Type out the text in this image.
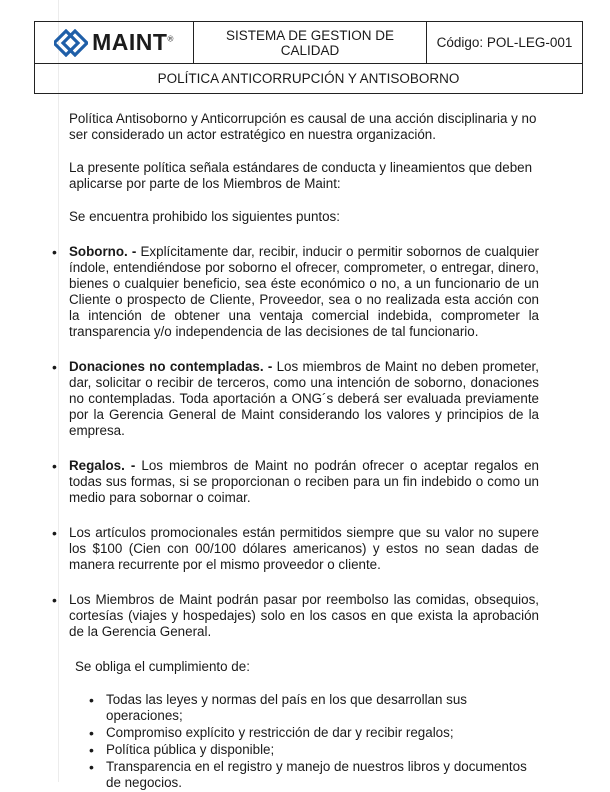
MAINT®	SISTEMA DE GESTION DE CALIDAD	Código: POL-LEG-001
POLÍTICA ANTICORRUPCIÓN Y ANTISOBORNO

Política Antisoborno y Anticorrupción es causal de una acción disciplinaria y no ser considerado un actor estratégico en nuestra organización.

La presente política señala estándares de conducta y lineamientos que deben aplicarse por parte de los Miembros de Maint:

Se encuentra prohibido los siguientes puntos:

• Soborno. - Explícitamente dar, recibir, inducir o permitir sobornos de cualquier índole, entendiéndose por soborno el ofrecer, comprometer, o entregar, dinero, bienes o cualquier beneficio, sea éste económico o no, a un funcionario de un Cliente o prospecto de Cliente, Proveedor, sea o no realizada esta acción con la intención de obtener una ventaja comercial indebida, comprometer la transparencia y/o independencia de las decisiones de tal funcionario.
• Donaciones no contempladas. - Los miembros de Maint no deben prometer, dar, solicitar o recibir de terceros, como una intención de soborno, donaciones no contempladas. Toda aportación a ONG´s deberá ser evaluada previamente por la Gerencia General de Maint considerando los valores y principios de la empresa.
• Regalos. - Los miembros de Maint no podrán ofrecer o aceptar regalos en todas sus formas, si se proporcionan o reciben para un fin indebido o como un medio para sobornar o coimar.
• Los artículos promocionales están permitidos siempre que su valor no supere los $100 (Cien con 00/100 dólares americanos) y estos no sean dadas de manera recurrente por el mismo proveedor o cliente.
• Los Miembros de Maint podrán pasar por reembolso las comidas, obsequios, cortesías (viajes y hospedajes) solo en los casos en que exista la aprobación de la Gerencia General.

Se obliga el cumplimiento de:

• Todas las leyes y normas del país en los que desarrollan sus operaciones;
• Compromiso explícito y restricción de dar y recibir regalos;
• Política pública y disponible;
• Transparencia en el registro y manejo de nuestros libros y documentos de negocios.
